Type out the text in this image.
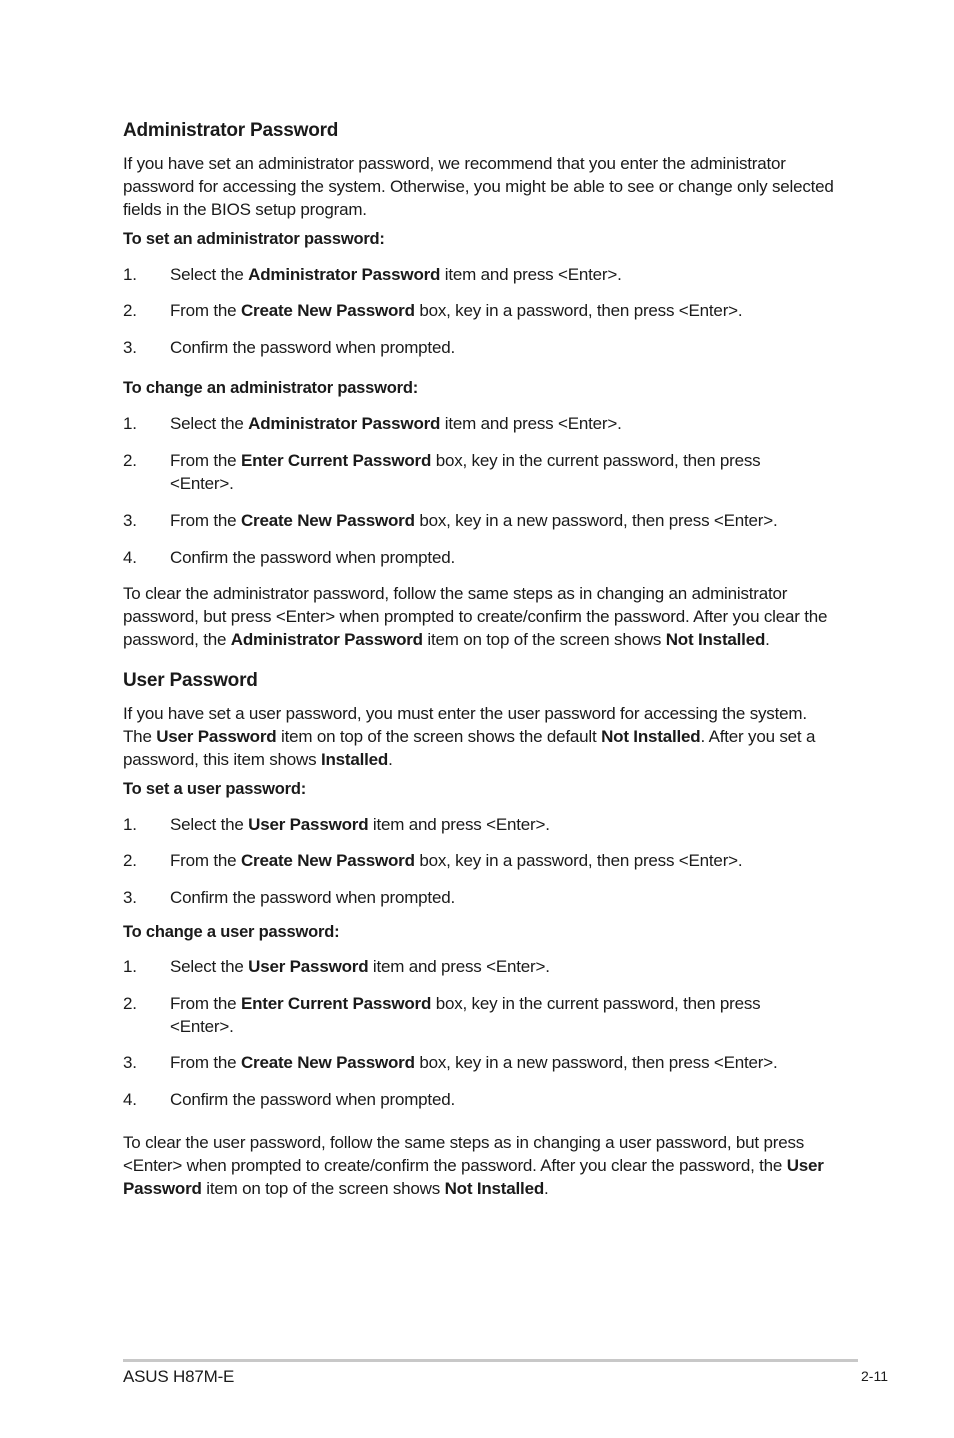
Administrator Password

If you have set an administrator password, we recommend that you enter the administrator password for accessing the system. Otherwise, you might be able to see or change only selected fields in the BIOS setup program.

To set an administrator password:
1. Select the Administrator Password item and press <Enter>.
2. From the Create New Password box, key in a password, then press <Enter>.
3. Confirm the password when prompted.
To change an administrator password:
1. Select the Administrator Password item and press <Enter>.
2. From the Enter Current Password box, key in the current password, then press <Enter>.
3. From the Create New Password box, key in a new password, then press <Enter>.
4. Confirm the password when prompted.

To clear the administrator password, follow the same steps as in changing an administrator password, but press <Enter> when prompted to create/confirm the password. After you clear the password, the Administrator Password item on top of the screen shows Not Installed.

User Password

If you have set a user password, you must enter the user password for accessing the system. The User Password item on top of the screen shows the default Not Installed. After you set a password, this item shows Installed.

To set a user password:
1. Select the User Password item and press <Enter>.
2. From the Create New Password box, key in a password, then press <Enter>.
3. Confirm the password when prompted.
To change a user password:
1. Select the User Password item and press <Enter>.
2. From the Enter Current Password box, key in the current password, then press <Enter>.
3. From the Create New Password box, key in a new password, then press <Enter>.
4. Confirm the password when prompted.

To clear the user password, follow the same steps as in changing a user password, but press <Enter> when prompted to create/confirm the password. After you clear the password, the User Password item on top of the screen shows Not Installed.

ASUS H87M-E	2-11
